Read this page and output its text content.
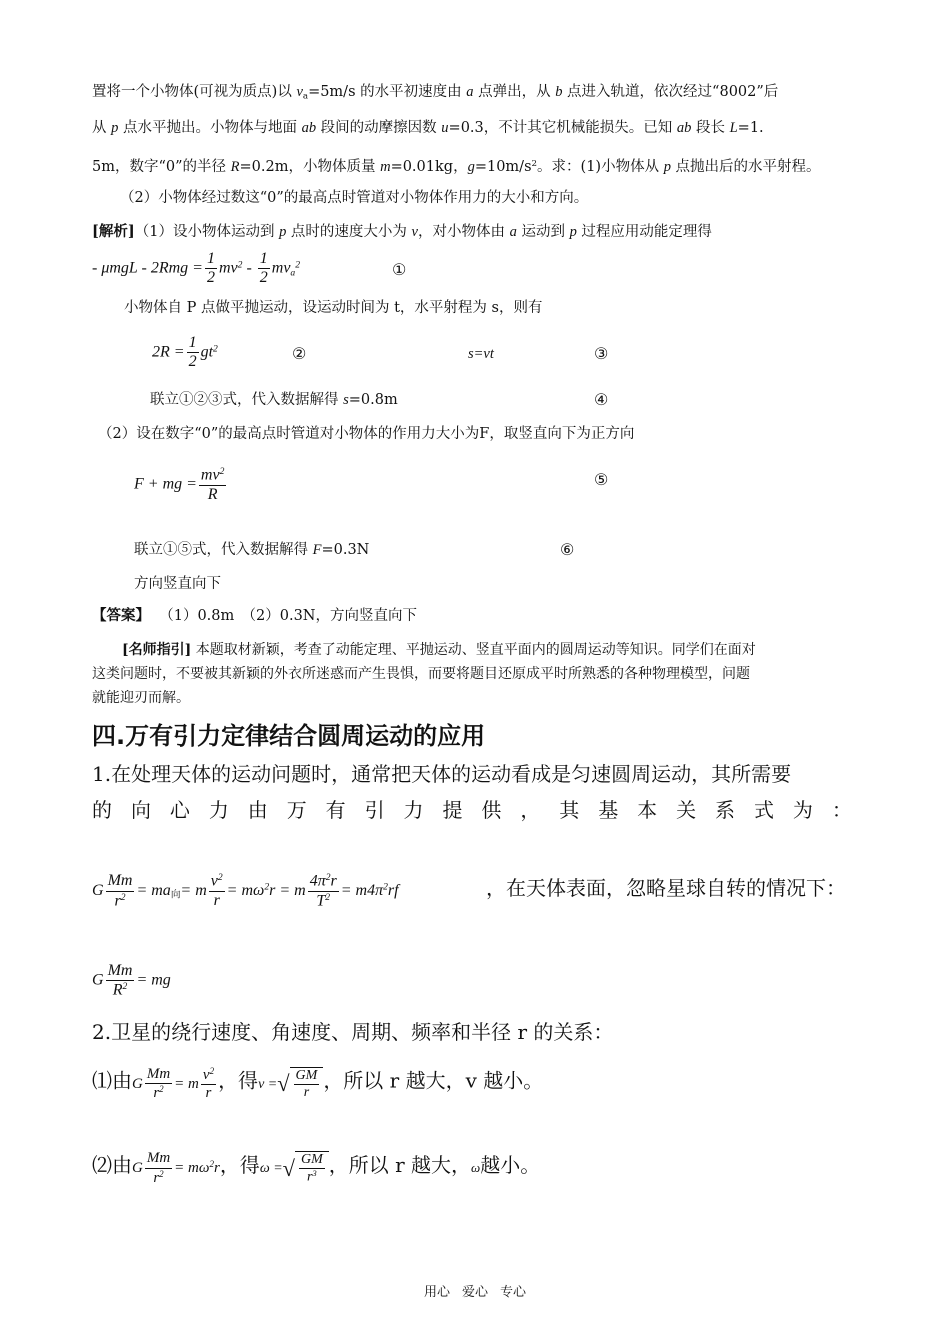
置将一个小物体(可视为质点)以 $v_a=5m/s$ 的水平初速度由 a 点弹出，从 b 点进入轨道，依次经过“8002”后
从 p 点水平抛出。小物体与地面 ab 段间的动摩擦因数 u=0.3，不计其它机械能损失。已知 ab 段长 L=1.
5m，数字“0”的半径 R=0.2m，小物体质量 m=0.01kg，$g=10m/s^2$。求：(1)小物体从 p 点抛出后的水平射程。
（2）小物体经过数这“0”的最高点时管道对小物体作用力的大小和方向。
[解析]（1）设小物体运动到 p 点时的速度大小为 v，对小物体由 a 运动到 p 过程应用动能定理得
- $\mu mgL - 2Rmg = \frac{1}{2} mv^2 - \frac{1}{2} mv_a^2$	①
小物体自 P 点做平抛运动，设运动时间为 t，水平射程为 s，则有
$2R = \frac{1}{2} gt^2$	②	s=vt	③
联立①②③式，代入数据解得 s=0.8m	④
（2）设在数字“0”的最高点时管道对小物体的作用力大小为F，取竖直向下为正方向
F + mg = $\frac{mv^2}{R}$	⑤
联立①⑤式，代入数据解得 F=0.3N	⑥
方向竖直向下
【答案】 （1）0.8m　（2）0.3N，方向竖直向下
[名师指引] 本题取材新颖，考查了动能定理、平抛运动、竖直平面内的圆周运动等知识。同学们在面对
这类问题时，不要被其新颖的外衣所迷惑而产生畏惧，而要将题目还原成平时所熟悉的各种物理模型，问题
就能迎刃而解。
四.万有引力定律结合圆周运动的应用
1.在处理天体的运动问题时，通常把天体的运动看成是匀速圆周运动，其所需要
的 向 心 力 由 万 有 引 力 提 供 ， 其 基 本 关 系 式 为 ：
G $\frac{Mm}{r^2} = ma_向= m \frac{v^2}{r} = m\omega^2r = m \frac{4\pi^2r}{T^2} = m4\pi^2rf$	，在天体表面，忽略星球自转的情况下：
G $\frac{Mm}{R^2}$ = mg
2.卫星的绕行速度、角速度、周期、频率和半径 r 的关系：
⑴由G $\frac{Mm}{r^2} = m \frac{v^2}{r}$ ，得v = √ $\frac{GM}{r}$ ，所以 r 越大，v 越小。
⑵由G $\frac{Mm}{r^2} = m\omega^2r$，得ω = √ $\frac{GM}{r^3}$ ，所以 r 越大，ω越小。
用心 爱心 专心
